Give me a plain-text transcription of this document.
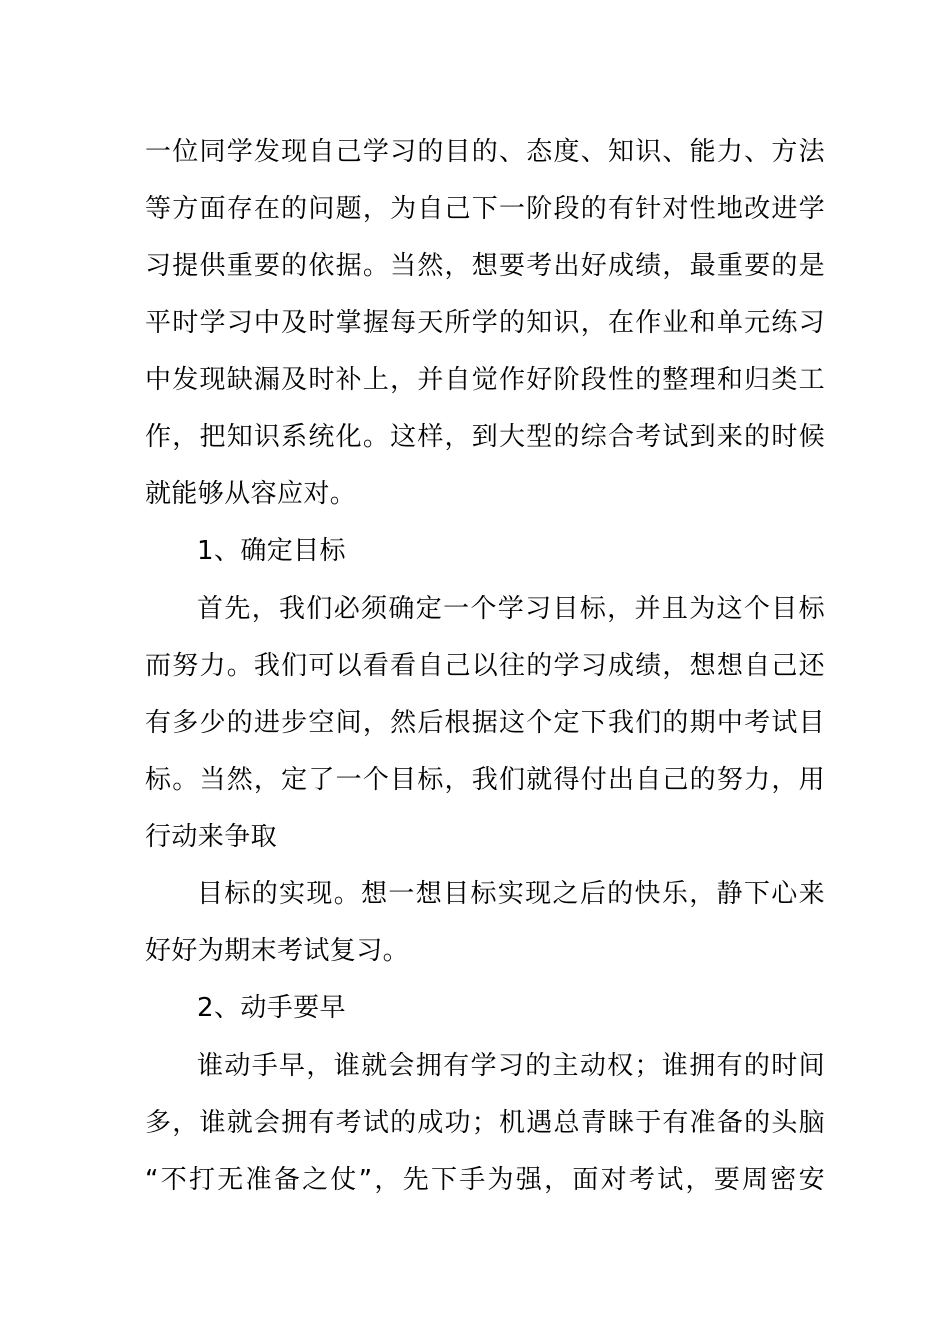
一位同学发现自己学习的目的、态度、知识、能力、方法
等方面存在的问题，为自己下一阶段的有针对性地改进学
习提供重要的依据。当然，想要考出好成绩，最重要的是
平时学习中及时掌握每天所学的知识，在作业和单元练习
中发现缺漏及时补上，并自觉作好阶段性的整理和归类工
作，把知识系统化。这样，到大型的综合考试到来的时候
就能够从容应对。
1、确定目标
首先，我们必须确定一个学习目标，并且为这个目标
而努力。我们可以看看自己以往的学习成绩，想想自己还
有多少的进步空间，然后根据这个定下我们的期中考试目
标。当然，定了一个目标，我们就得付出自己的努力，用
行动来争取
目标的实现。想一想目标实现之后的快乐，静下心来
好好为期末考试复习。
2、动手要早
谁动手早，谁就会拥有学习的主动权；谁拥有的时间
多，谁就会拥有考试的成功；机遇总青睐于有准备的头脑
“不打无准备之仗”，先下手为强，面对考试，要周密安
